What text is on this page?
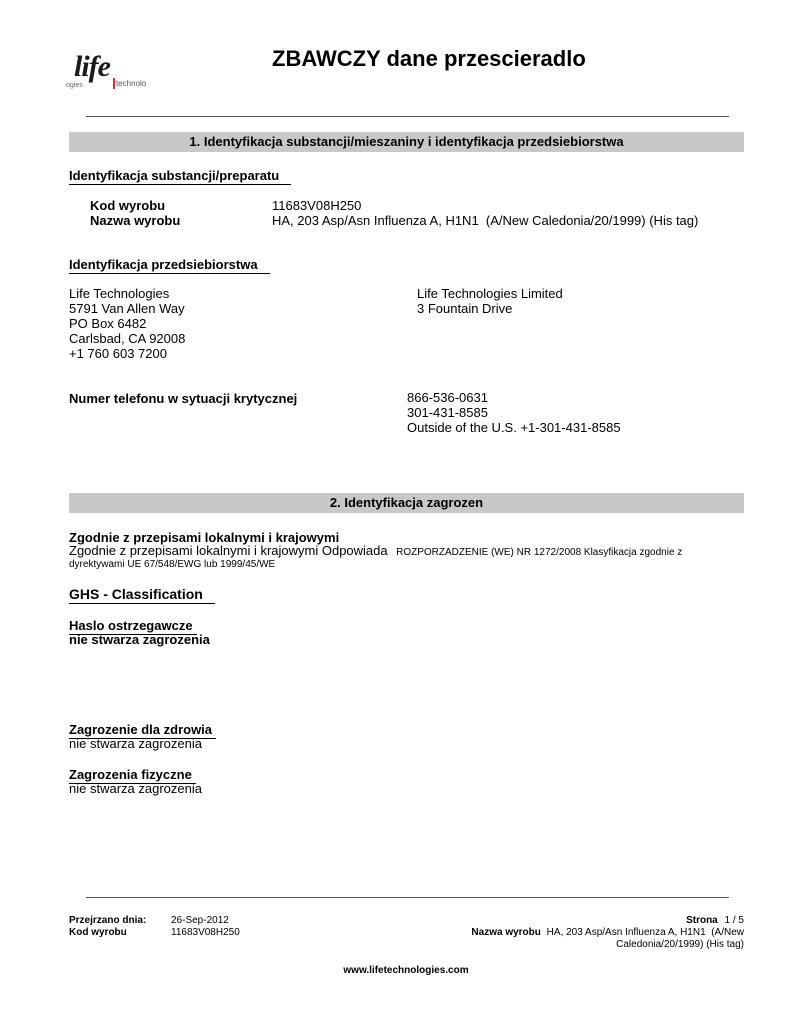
life
ogies	technolo
ZBAWCZY dane przescieradlo
1. Identyfikacja substancji/mieszaniny i identyfikacja przedsiebiorstwa
Identyfikacja substancji/preparatu
Kod wyrobu	11683V08H250
Nazwa wyrobu	HA, 203 Asp/Asn Influenza A, H1N1  (A/New Caledonia/20/1999) (His tag)
Identyfikacja przedsiebiorstwa
Life Technologies
5791 Van Allen Way
PO Box 6482
Carlsbad, CA 92008
+1 760 603 7200
Life Technologies Limited
3 Fountain Drive
Numer telefonu w sytuacji krytycznej	866-536-0631
301-431-8585
Outside of the U.S. +1-301-431-8585
2. Identyfikacja zagrozen
Zgodnie z przepisami lokalnymi i krajowymi
Zgodnie z przepisami lokalnymi i krajowymi Odpowiada ROZPORZADZENIE (WE) NR 1272/2008 Klasyfikacja zgodnie z
dyrektywami UE 67/548/EWG lub 1999/45/WE
GHS - Classification
Haslo ostrzegawcze
nie stwarza zagrozenia
Zagrozenie dla zdrowia
nie stwarza zagrozenia
Zagrozenia fizyczne
nie stwarza zagrozenia
Przejrzano dnia: 26-Sep-2012
Kod wyrobu	11683V08H250
Strona 1 / 5
Nazwa wyrobu HA, 203 Asp/Asn Influenza A, H1N1  (A/New
Caledonia/20/1999) (His tag)
www.lifetechnologies.com
